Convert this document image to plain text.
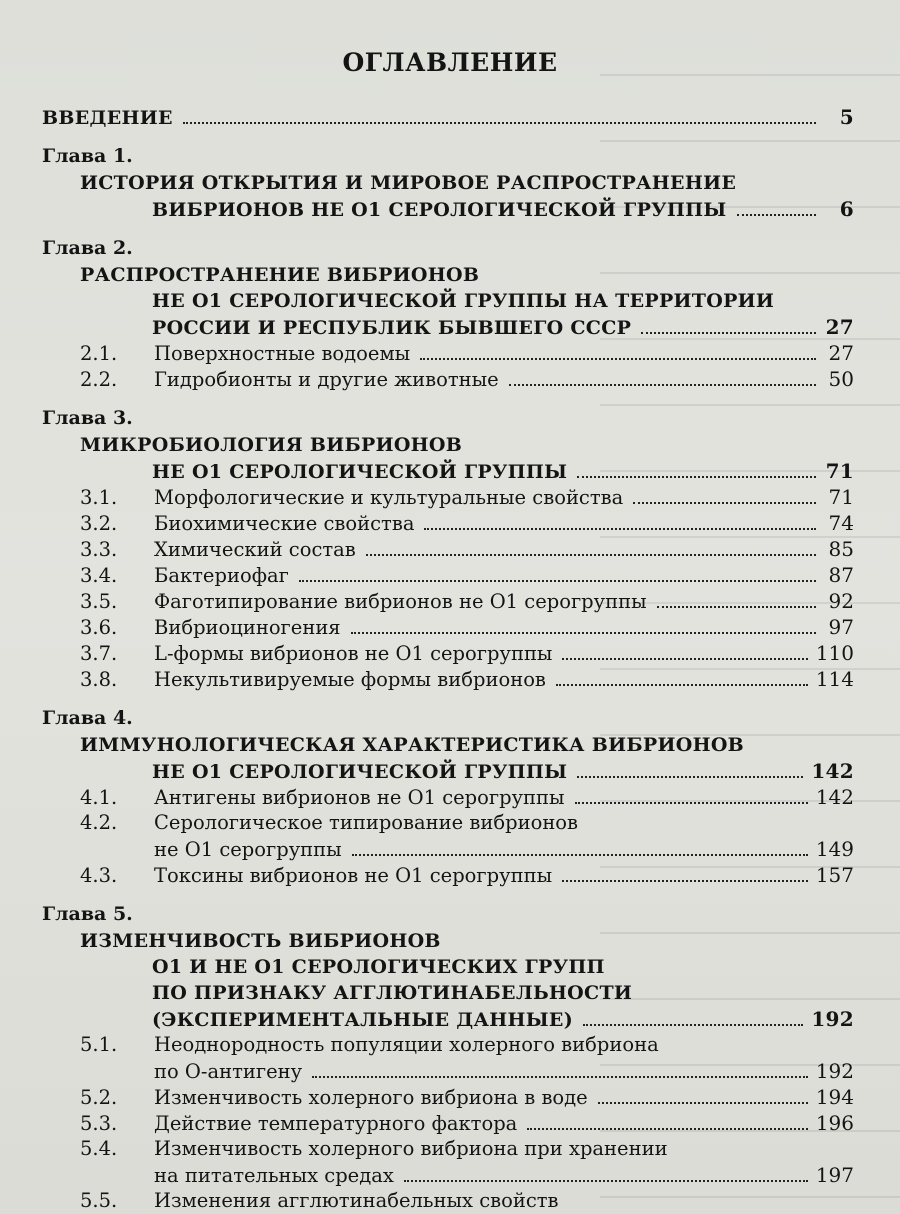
ОГЛАВЛЕНИЕ
ВВЕДЕНИЕ	5
Глава 1.
ИСТОРИЯ ОТКРЫТИЯ И МИРОВОЕ РАСПРОСТРАНЕНИЕ
ВИБРИОНОВ НЕ О1 СЕРОЛОГИЧЕСКОЙ ГРУППЫ	6
Глава 2.
РАСПРОСТРАНЕНИЕ ВИБРИОНОВ
НЕ О1 СЕРОЛОГИЧЕСКОЙ ГРУППЫ НА ТЕРРИТОРИИ
РОССИИ И РЕСПУБЛИК БЫВШЕГО СССР	27
2.1.	Поверхностные водоемы	27
2.2.	Гидробионты и другие животные	50
Глава 3.
МИКРОБИОЛОГИЯ ВИБРИОНОВ
НЕ О1 СЕРОЛОГИЧЕСКОЙ ГРУППЫ	71
3.1.	Морфологические и культуральные свойства	71
3.2.	Биохимические свойства	74
3.3.	Химический состав	85
3.4.	Бактериофаг	87
3.5.	Фаготипирование вибрионов не О1 серогруппы	92
3.6.	Вибриоциногения	97
3.7.	L-формы вибрионов не О1 серогруппы	110
3.8.	Некультивируемые формы вибрионов	114
Глава 4.
ИММУНОЛОГИЧЕСКАЯ ХАРАКТЕРИСТИКА ВИБРИОНОВ
НЕ О1 СЕРОЛОГИЧЕСКОЙ ГРУППЫ	142
4.1.	Антигены вибрионов не О1 серогруппы	142
4.2.	Серологическое типирование вибрионов
не О1 серогруппы	149
4.3.	Токсины вибрионов не О1 серогруппы	157
Глава 5.
ИЗМЕНЧИВОСТЬ ВИБРИОНОВ
О1 И НЕ О1 СЕРОЛОГИЧЕСКИХ ГРУПП
ПО ПРИЗНАКУ АГГЛЮТИНАБЕЛЬНОСТИ
(ЭКСПЕРИМЕНТАЛЬНЫЕ ДАННЫЕ)	192
5.1.	Неоднородность популяции холерного вибриона
по О-антигену	192
5.2.	Изменчивость холерного вибриона в воде	194
5.3.	Действие температурного фактора	196
5.4.	Изменчивость холерного вибриона при хранении
на питательных средах	197
5.5.	Изменения агглютинабельных свойств
